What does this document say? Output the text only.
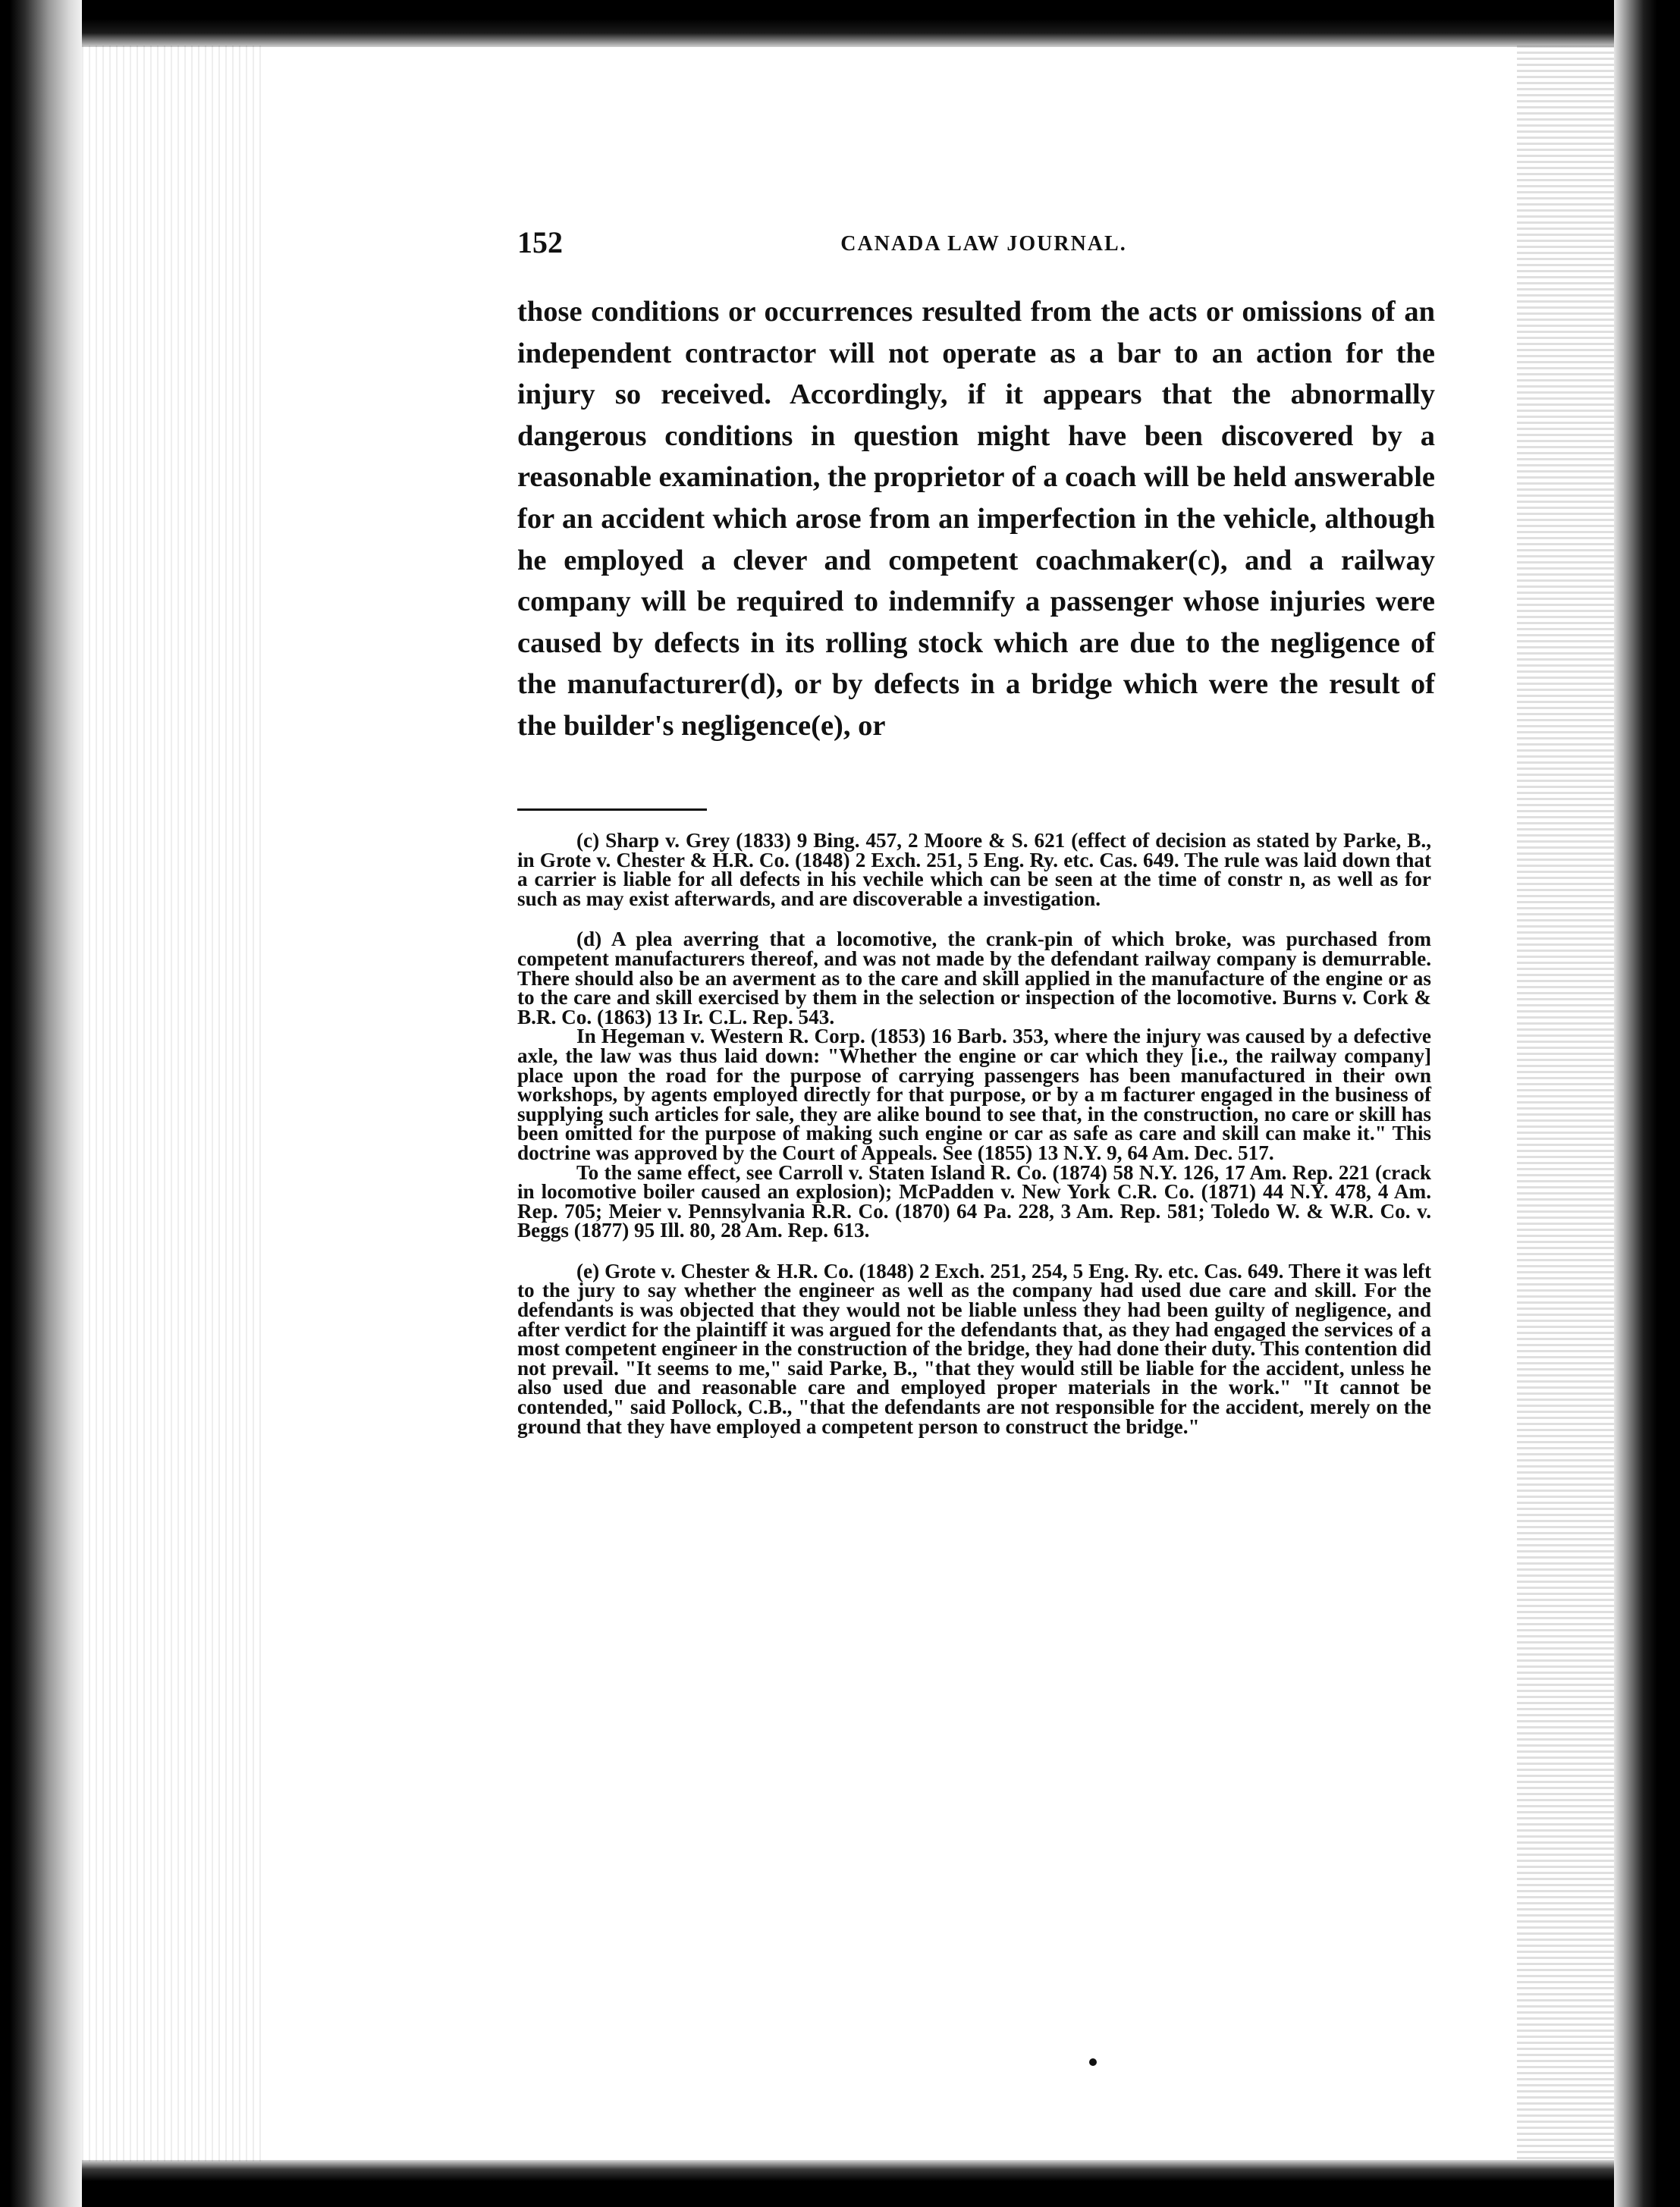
152	CANADA LAW JOURNAL.

those conditions or occurrences resulted from the acts or omissions of an independent contractor will not operate as a bar to an action for the injury so received. Accordingly, if it appears that the abnormally dangerous conditions in question might have been discovered by a reasonable examination, the proprietor of a coach will be held answerable for an accident which arose from an imperfection in the vehicle, although he employed a clever and competent coachmaker(c), and a railway company will be required to indemnify a passenger whose injuries were caused by defects in its rolling stock which are due to the negligence of the manufacturer(d), or by defects in a bridge which were the result of the builder's negligence(e), or

(c) Sharp v. Grey (1833) 9 Bing. 457, 2 Moore & S. 621 (effect of decision as stated by Parke, B., in Grote v. Chester & H.R. Co. (1848) 2 Exch. 251, 5 Eng. Ry. etc. Cas. 649. The rule was laid down that a carrier is liable for all defects in his vechile which can be seen at the time of constr n, as well as for such as may exist afterwards, and are discoverable a investigation.

(d) A plea averring that a locomotive, the crank-pin of which broke, was purchased from competent manufacturers thereof, and was not made by the defendant railway company is demurrable. There should also be an averment as to the care and skill applied in the manufacture of the engine or as to the care and skill exercised by them in the selection or inspection of the locomotive. Burns v. Cork & B.R. Co. (1863) 13 Ir. C.L. Rep. 543.

In Hegeman v. Western R. Corp. (1853) 16 Barb. 353, where the injury was caused by a defective axle, the law was thus laid down: "Whether the engine or car which they [i.e., the railway company] place upon the road for the purpose of carrying passengers has been manufactured in their own workshops, by agents employed directly for that purpose, or by a m facturer engaged in the business of supplying such articles for sale, they are alike bound to see that, in the construction, no care or skill has been omitted for the purpose of making such engine or car as safe as care and skill can make it." This doctrine was approved by the Court of Appeals. See (1855) 13 N.Y. 9, 64 Am. Dec. 517.

To the same effect, see Carroll v. Staten Island R. Co. (1874) 58 N.Y. 126, 17 Am. Rep. 221 (crack in locomotive boiler caused an explosion); McPadden v. New York C.R. Co. (1871) 44 N.Y. 478, 4 Am. Rep. 705; Meier v. Pennsylvania R.R. Co. (1870) 64 Pa. 228, 3 Am. Rep. 581; Toledo W. & W.R. Co. v. Beggs (1877) 95 Ill. 80, 28 Am. Rep. 613.

(e) Grote v. Chester & H.R. Co. (1848) 2 Exch. 251, 254, 5 Eng. Ry. etc. Cas. 649. There it was left to the jury to say whether the engineer as well as the company had used due care and skill. For the defendants is was objected that they would not be liable unless they had been guilty of negligence, and after verdict for the plaintiff it was argued for the defendants that, as they had engaged the services of a most competent engineer in the construction of the bridge, they had done their duty. This contention did not prevail. "It seems to me," said Parke, B., "that they would still be liable for the accident, unless he also used due and reasonable care and employed proper materials in the work." "It cannot be contended," said Pollock, C.B., "that the defendants are not responsible for the accident, merely on the ground that they have employed a competent person to construct the bridge."
